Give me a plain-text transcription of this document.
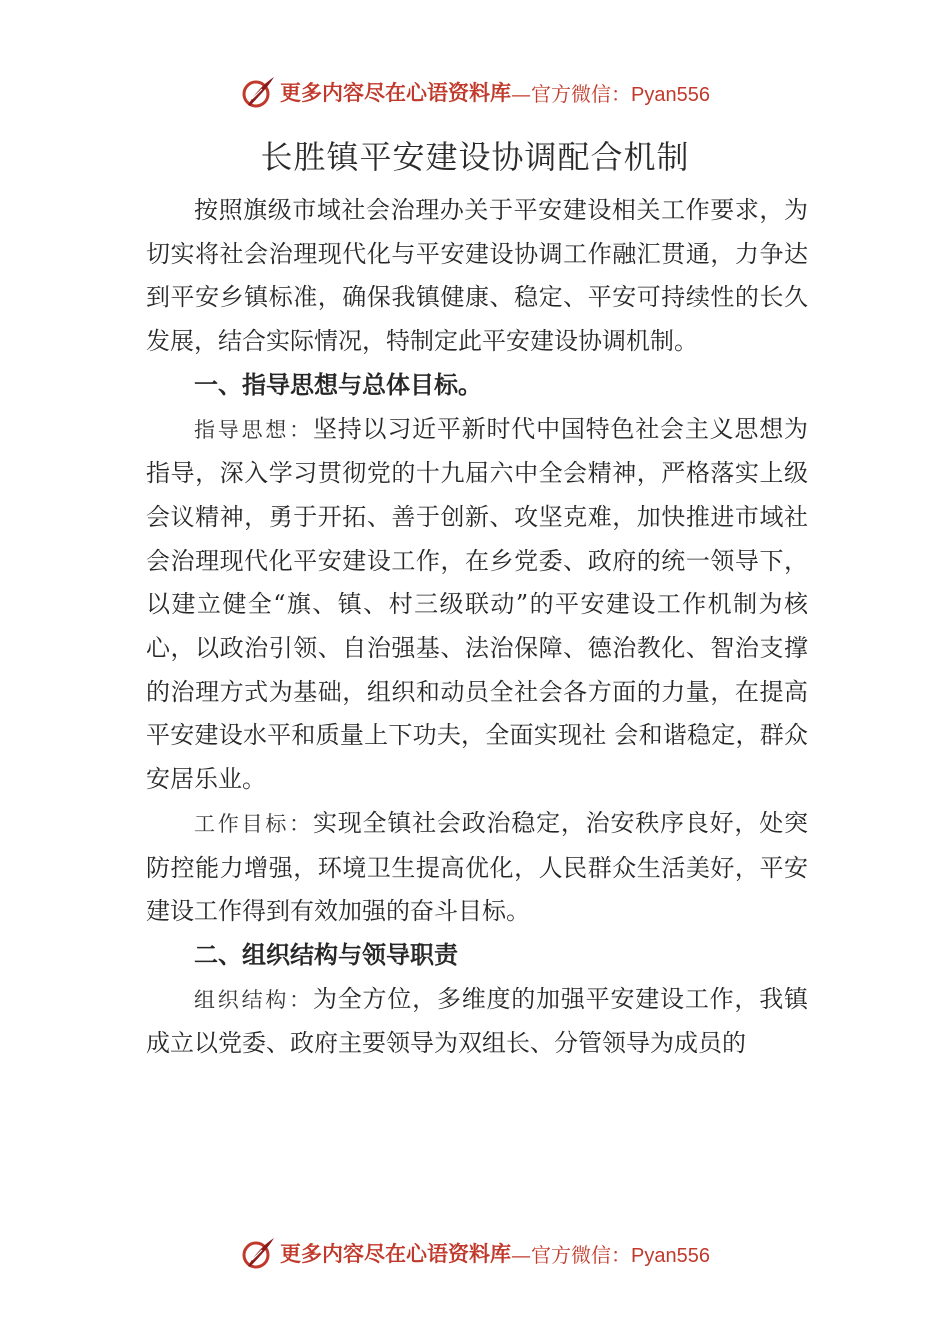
更多内容尽在心语资料库 —官方微信：Pyan556
长胜镇平安建设协调配合机制

按照旗级市域社会治理办关于平安建设相关工作要求，为切实将社会治理现代化与平安建设协调工作融汇贯通，力争达到平安乡镇标准，确保我镇健康、稳定、平安可持续性的长久发展，结合实际情况，特制定此平安建设协调机制。

一、指导思想与总体目标。

指导思想：坚持以习近平新时代中国特色社会主义思想为指导，深入学习贯彻党的十九届六中全会精神，严格落实上级会议精神，勇于开拓、善于创新、攻坚克难，加快推进市域社会治理现代化平安建设工作，在乡党委、政府的统一领导下，以建立健全“旗、镇、村三级联动”的平安建设工作机制为核心，以政治引领、自治强基、法治保障、德治教化、智治支撑的治理方式为基础，组织和动员全社会各方面的力量，在提高平安建设水平和质量上下功夫，全面实现社 会和谐稳定，群众安居乐业。

工作目标：实现全镇社会政治稳定，治安秩序良好，处突防控能力增强，环境卫生提高优化，人民群众生活美好，平安建设工作得到有效加强的奋斗目标。

二、组织结构与领导职责

组织结构：为全方位，多维度的加强平安建设工作，我镇成立以党委、政府主要领导为双组长、分管领导为成员的

更多内容尽在心语资料库 —官方微信：Pyan556
